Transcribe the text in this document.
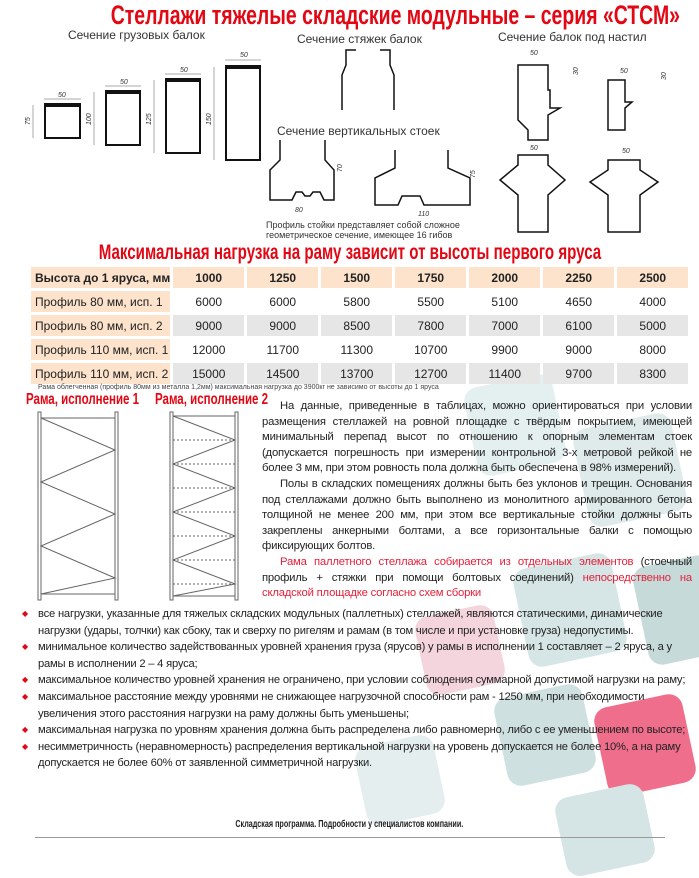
Стеллажи тяжелые складские модульные – серия «СТСМ»
Сечение грузовых балок	Сечение стяжек балок	Сечение балок под настил
Сечение вертикальных стоек
Профиль стойки представляет собой сложное
геометрическое сечение, имеющее 16 гибов
50
50
50
50
75	100	125	150
80
110
70
75
50
50
50	50
30
30
Максимальная нагрузка на раму зависит от высоты первого яруса
Высота до 1 яруса, мм	1000	1250	1500	1750	2000	2250	2500
Профиль 80 мм, исп. 1	6000	6000	5800	5500	5100	4650	4000
Профиль 80 мм, исп. 2	9000	9000	8500	7800	7000	6100	5000
Профиль 110 мм, исп. 1	12000	11700	11300	10700	9900	9000	8000
Профиль 110 мм, исп. 2	15000	14500	13700	12700	11400	9700	8300
Рама облегченная (профиль 80мм из металла 1,2мм) максимальная нагрузка до 3900кг не зависимо от высоты до 1 яруса
Рама, исполнение 1 Рама, исполнение 2	На данные, приведенные в таблицах, можно ориентироваться при условии размещения стеллажей на ровной площадке с твёрдым покрытием, имеющей минимальный перепад высот по отношению к опорным элементам стоек (допускается погрешность при измерении контрольной 3-х метровой рейкой не более 3 мм, при этом ровность пола должна быть обеспечена в 98% измерений).

Полы в складских помещениях должны быть без уклонов и трещин. Основания под стеллажами должно быть выполнено из монолитного армированного бетона толщиной не менее 200 мм, при этом все вертикальные стойки должны быть закреплены анкерными болтами, а все горизонтальные балки с помощью фиксирующих болтов.

Рама паллетного стеллажа собирается из отдельных элементов (стоечный профиль + стяжки при помощи болтовых соединений) непосредственно на складской площадке согласно схем сборки

◆ все нагрузки, указанные для тяжелых складских модульных (паллетных) стеллажей, являются статическими, динамические нагрузки (удары, толчки) как сбоку, так и сверху по ригелям и рамам (в том числе и при установке груза) недопустимы.
◆ минимальное количество задействованных уровней хранения груза (ярусов) у рамы в исполнении 1 составляет – 2 яруса, а у рамы в исполнении 2 – 4 яруса;
◆ максимальное количество уровней хранения не ограничено, при условии соблюдения суммарной допустимой нагрузки на раму;
◆ максимальное расстояние между уровнями не снижающее нагрузочной способности рам - 1250 мм, при необходимости увеличения этого расстояния нагрузки на раму должны быть уменьшены;
◆ максимальная нагрузка по уровням хранения должна быть распределена либо равномерно, либо с ее уменьшением по высоте;
◆ несимметричность (неравномерность) распределения вертикальной нагрузки на уровень допускается не более 10%, а на раму допускается не более 60% от заявленной симметричной нагрузки.
Складская программа. Подробности у специалистов компании.
